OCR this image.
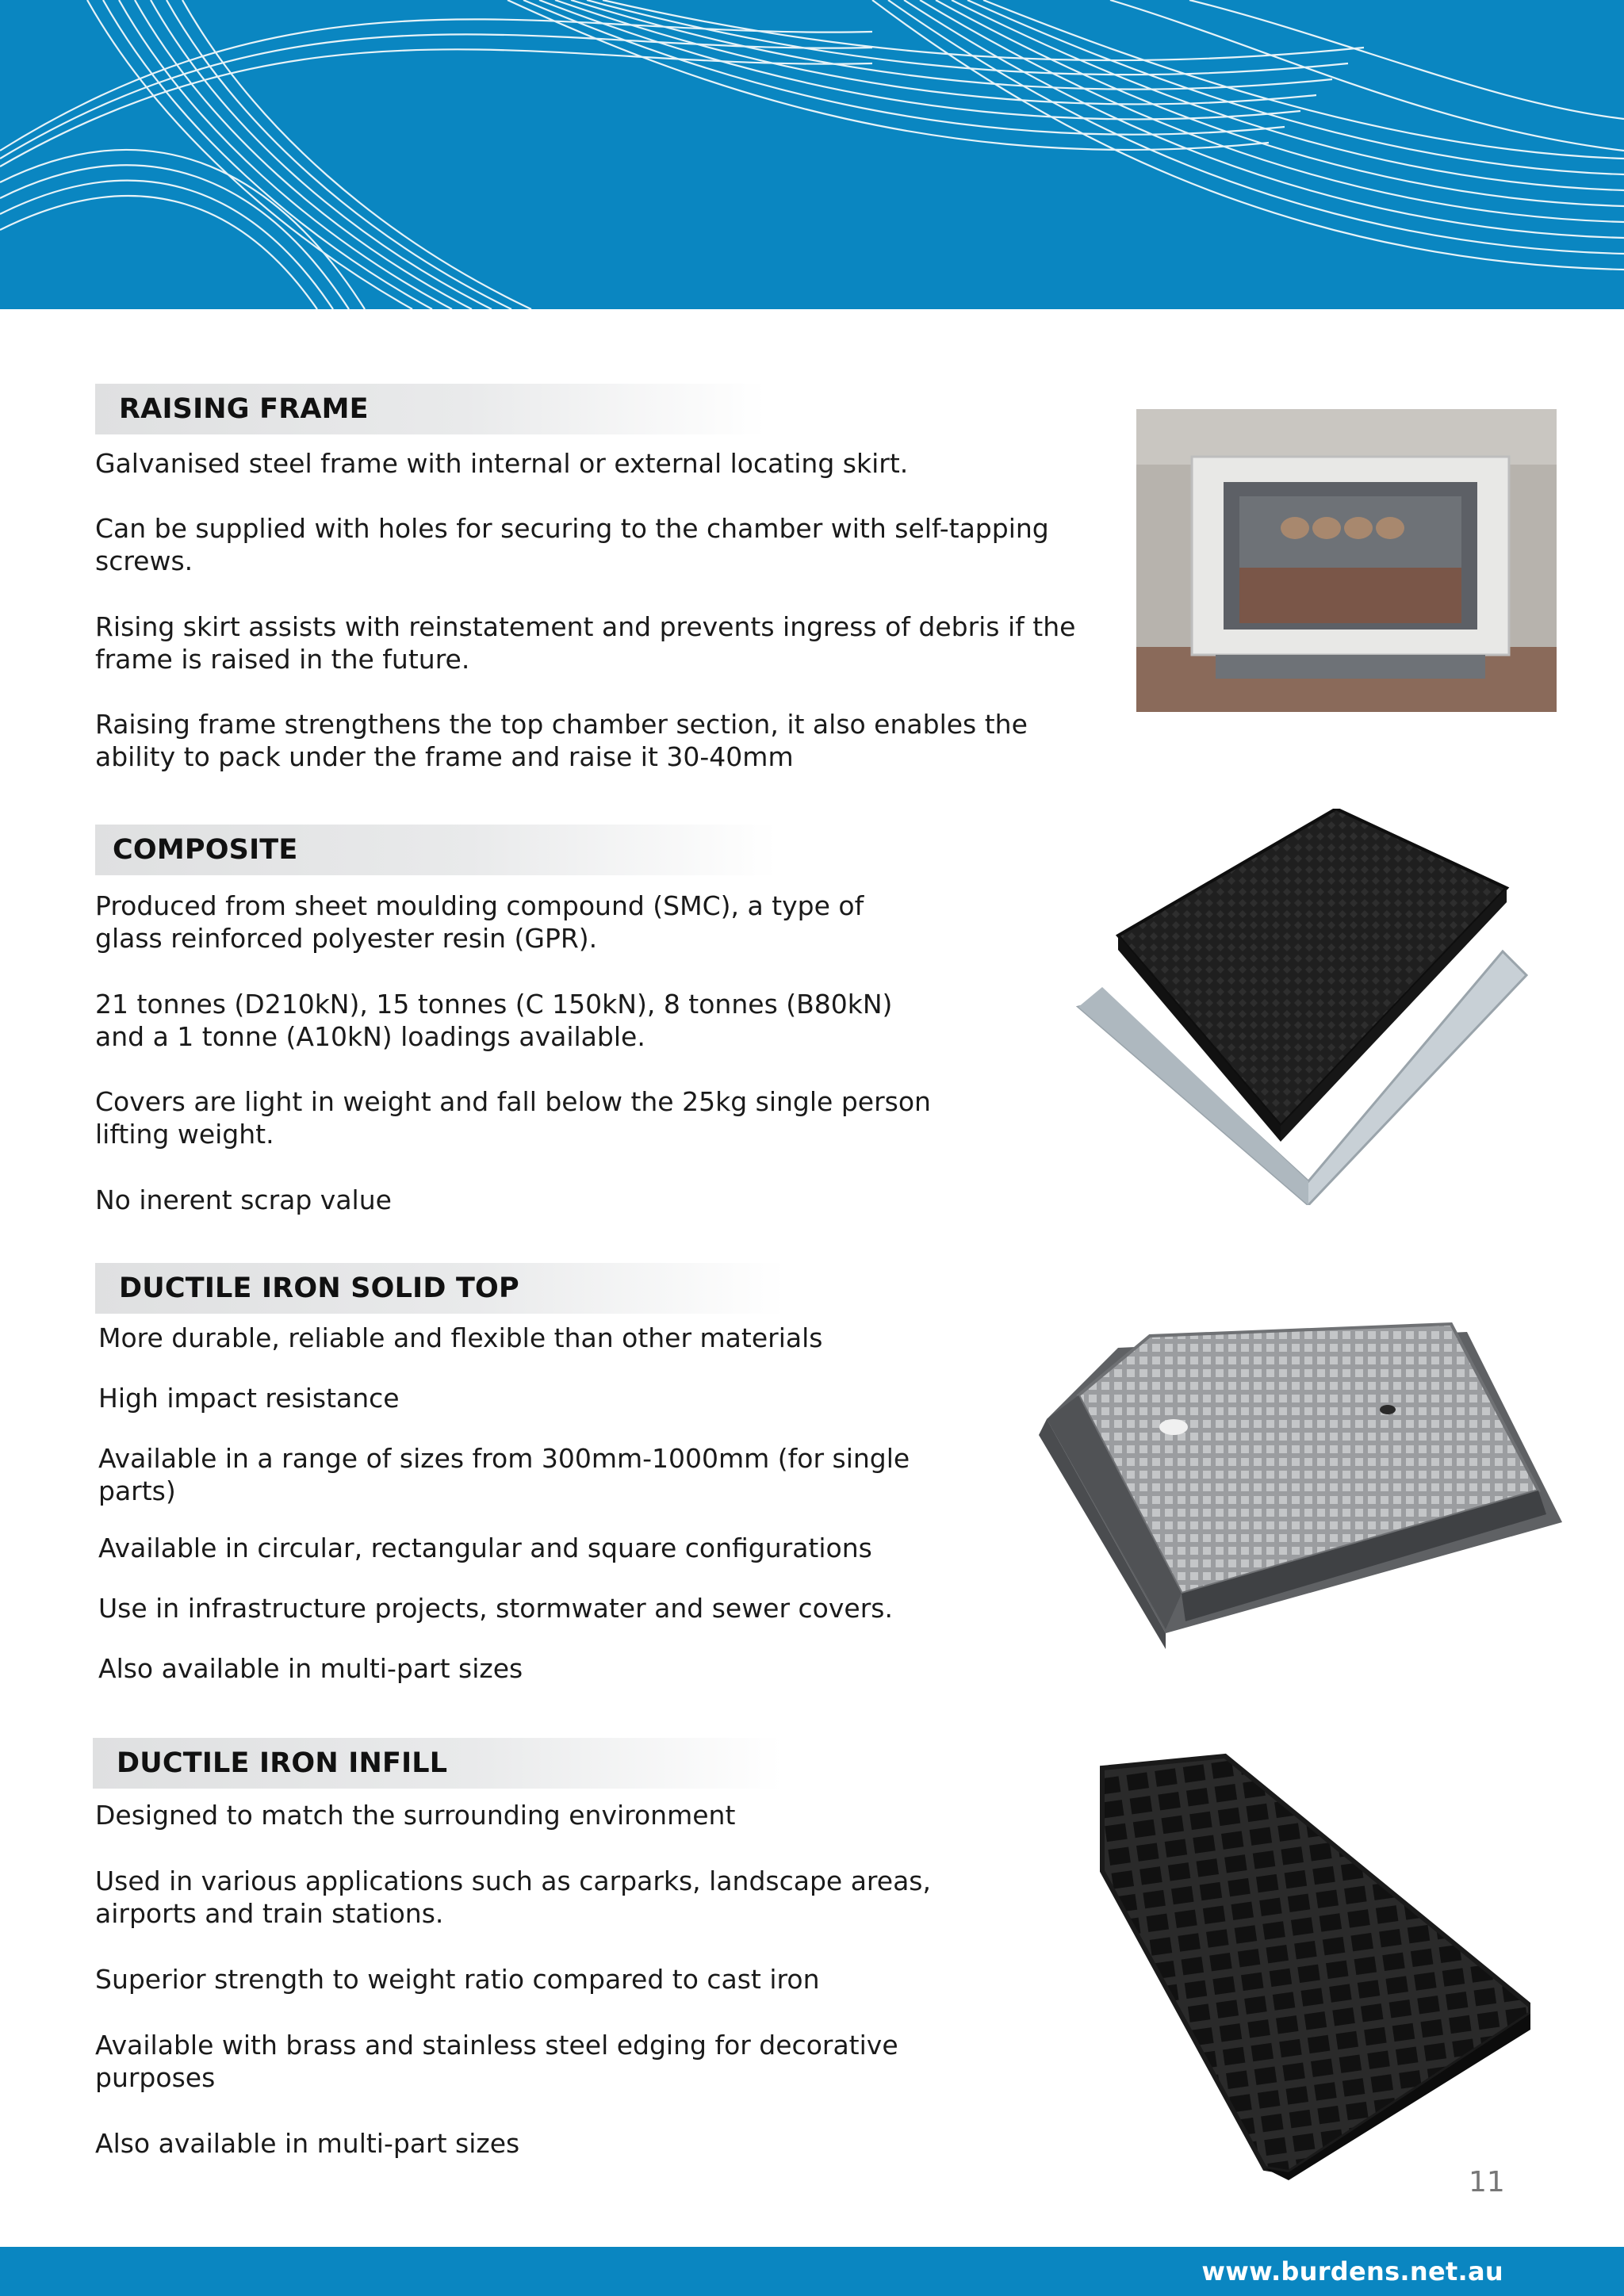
RAISING FRAME

Galvanised steel frame with internal or external locating skirt.

Can be supplied with holes for securing to the chamber with self-tapping screws.

Rising skirt assists with reinstatement and prevents ingress of debris if the frame is raised in the future.

Raising frame strengthens the top chamber section, it also enables the ability to pack under the frame and raise it 30-40mm

COMPOSITE

Produced from sheet moulding compound (SMC), a type of glass reinforced polyester resin (GPR).

21 tonnes (D210kN), 15 tonnes (C 150kN), 8 tonnes (B80kN) and a 1 tonne (A10kN) loadings available.

Covers are light in weight and fall below the 25kg single person lifting weight.

No inerent scrap value

DUCTILE IRON SOLID TOP

More durable, reliable and flexible than other materials

High impact resistance

Available in a range of sizes from 300mm-1000mm (for single parts)

Available in circular, rectangular and square configurations

Use in infrastructure projects, stormwater and sewer covers.

Also available in multi-part sizes

DUCTILE IRON INFILL

Designed to match the surrounding environment

Used in various applications such as carparks, landscape areas, airports and train stations.

Superior strength to weight ratio compared to cast iron

Available with brass and stainless steel edging for decorative purposes

Also available in multi-part sizes

11
www.burdens.net.au
